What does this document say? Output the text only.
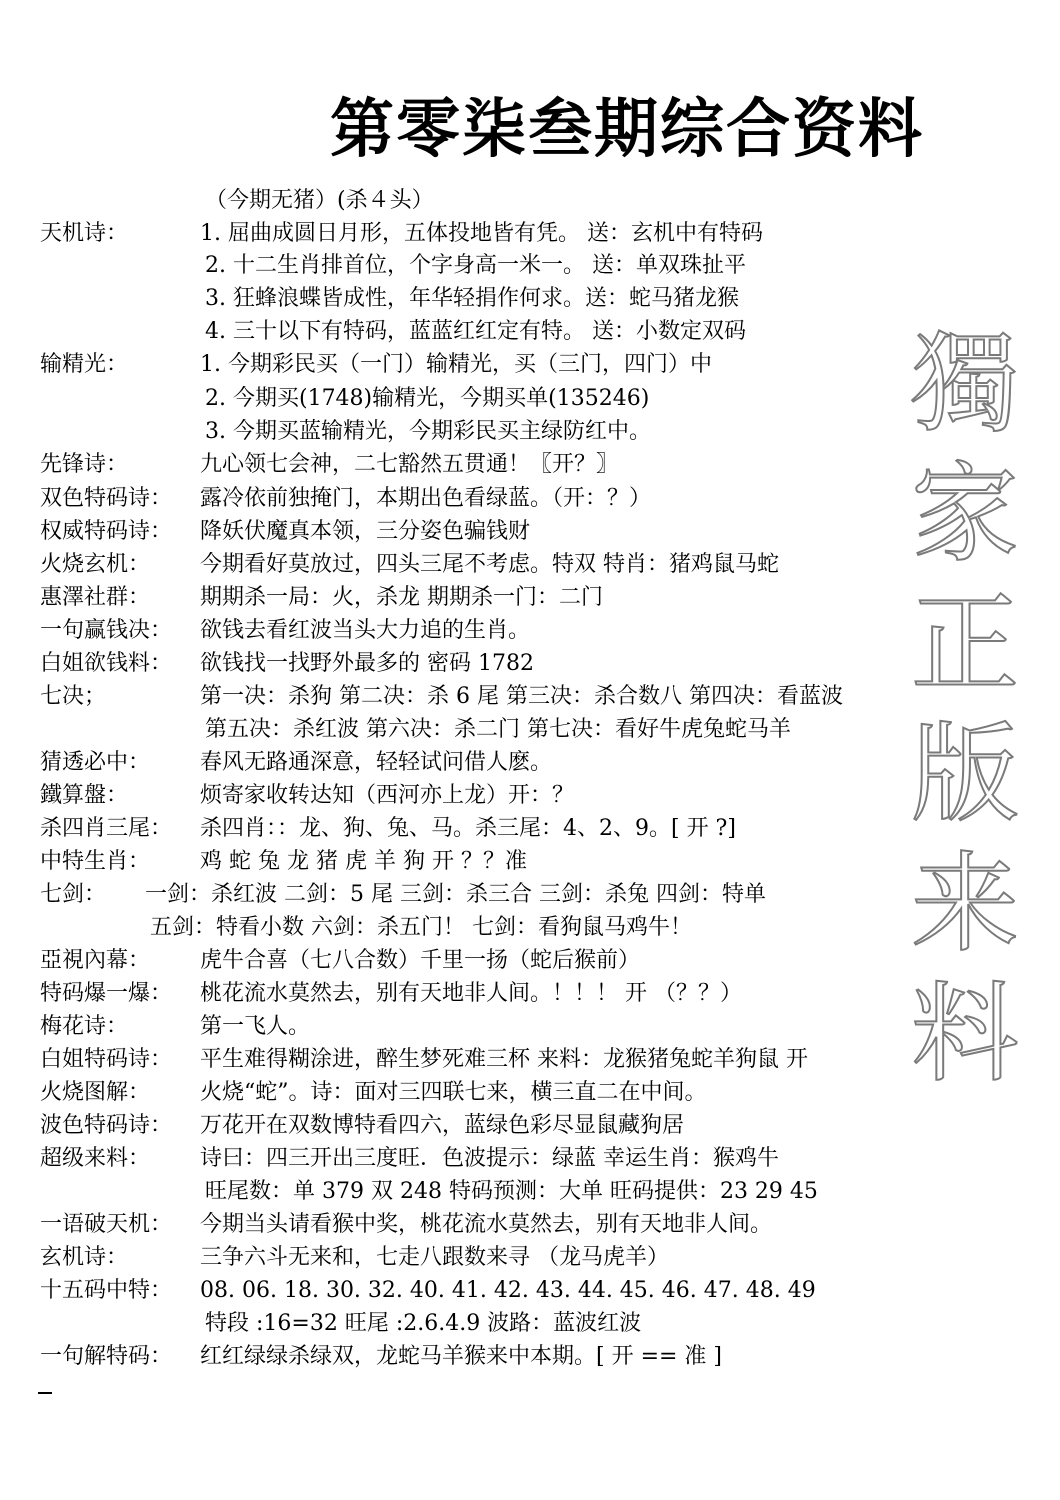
第零柒叁期综合资料
（今期无猪）(杀４头）
天机诗：	1. 屈曲成圆日月形，五体投地皆有凭。 送：玄机中有特码
2. 十二生肖排首位，个字身高一米一。 送：单双珠扯平
3. 狂蜂浪蝶皆成性，年华轻捐作何求。送：蛇马猪龙猴
4. 三十以下有特码，蓝蓝红红定有特。 送：小数定双码
输精光：	1. 今期彩民买（一门）输精光，买（三门，四门）中
2. 今期买(1748)输精光，今期买单(135246)
3. 今期买蓝输精光，今期彩民买主绿防红中。
先锋诗：	九心领七会神，二七豁然五贯通！〖开？〗
双色特码诗： 露冷依前独掩门，本期出色看绿蓝。（开：？）
权威特码诗： 降妖伏魔真本领，三分姿色骗钱财
火烧玄机： 今期看好莫放过，四头三尾不考虑。特双 特肖：猪鸡鼠马蛇
惠澤社群： 期期杀一局：火，杀龙 期期杀一门：二门
一句赢钱决： 欲钱去看红波当头大力追的生肖。
白姐欲钱料： 欲钱找一找野外最多的 密码 1782
七决；	第一决：杀狗 第二决：杀 6 尾 第三决：杀合数八 第四决：看蓝波
第五决：杀红波 第六决：杀二门 第七决：看好牛虎兔蛇马羊
猜透必中： 春风无路通深意，轻轻试问借人麽。
鐵算盤：	烦寄家收转达知（西河亦上龙）开：？
杀四肖三尾： 杀四肖：：龙、狗、兔、马。杀三尾：4、2、9。[ 开 ?]
中特生肖： 鸡 蛇 兔 龙 猪 虎 羊 狗 开 ？？准
七剑： 一剑：杀红波 二剑：5 尾 三剑：杀三合 三剑：杀兔 四剑：特单
五剑：特看小数 六剑：杀五门！ 七剑：看狗鼠马鸡牛！
亞視內幕： 虎牛合喜（七八合数）千里一扬（蛇后猴前）
特码爆一爆： 桃花流水莫然去，别有天地非人间。！！！ 开 （？？）
梅花诗：	第一飞人。
白姐特码诗： 平生难得糊涂进，醉生梦死难三杯 来料：龙猴猪兔蛇羊狗鼠 开
火烧图解： 火烧“蛇”。诗：面对三四联七来，横三直二在中间。
波色特码诗： 万花开在双数博特看四六，蓝绿色彩尽显鼠藏狗居
超级来料： 诗曰：四三开出三度旺．色波提示：绿蓝 幸运生肖：猴鸡牛
旺尾数：单 379 双 248 特码预测：大单 旺码提供：23 29 45
一语破天机： 今期当头请看猴中奖，桃花流水莫然去，别有天地非人间。
玄机诗：	三争六斗无来和，七走八跟数来寻 （龙马虎羊）
十五码中特： 08. 06. 18. 30. 32. 40. 41. 42. 43. 44. 45. 46. 47. 48. 49
特段 :16=32 旺尾 :2.6.4.9 波路：蓝波红波
一句解特码： 红红绿绿杀绿双，龙蛇马羊猴来中本期。[ 开 == 准 ]
獨
家
正
版
来
料
